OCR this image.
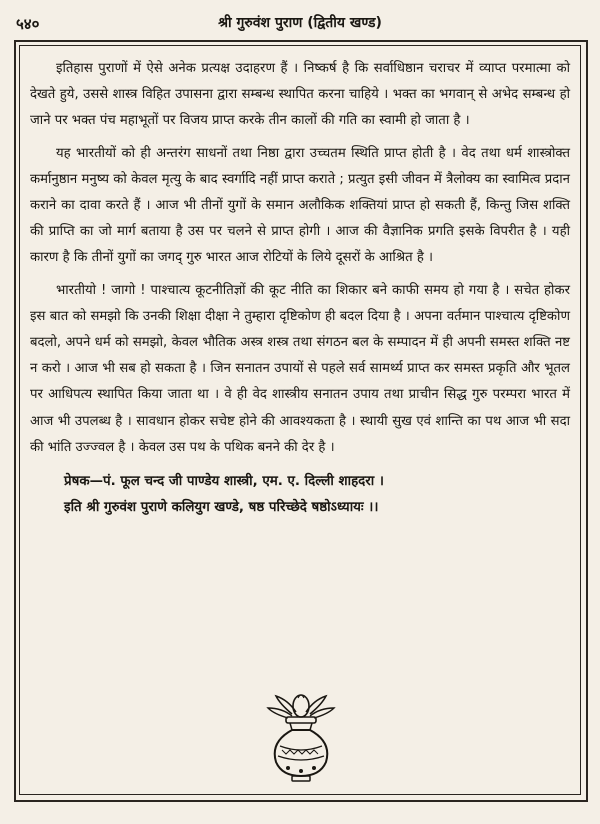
५४०	श्री गुरुवंश पुराण (द्वितीय खण्ड)

इतिहास पुराणों में ऐसे अनेक प्रत्यक्ष उदाहरण हैं । निष्कर्ष है कि सर्वाधिष्ठान चराचर में व्याप्त परमात्मा को देखते हुये, उससे शास्त्र विहित उपासना द्वारा सम्बन्ध स्थापित करना चाहिये । भक्त का भगवान् से अभेद सम्बन्ध हो जाने पर भक्त पंच महाभूतों पर विजय प्राप्त करके तीन कालों की गति का स्वामी हो जाता है ।

यह भारतीयों को ही अन्तरंग साधनों तथा निष्ठा द्वारा उच्चतम स्थिति प्राप्त होती है । वेद तथा धर्म शास्त्रोक्त कर्मानुष्ठान मनुष्य को केवल मृत्यु के बाद स्वर्गादि नहीं प्राप्त कराते ; प्रत्युत इसी जीवन में त्रैलोक्य का स्वामित्व प्रदान कराने का दावा करते हैं । आज भी तीनों युगों के समान अलौकिक शक्तियां प्राप्त हो सकती हैं, किन्तु जिस शक्ति की प्राप्ति का जो मार्ग बताया है उस पर चलने से प्राप्त होगी । आज की वैज्ञानिक प्रगति इसके विपरीत है । यही कारण है कि तीनों युगों का जगद् गुरु भारत आज रोटियों के लिये दूसरों के आश्रित है ।

भारतीयो ! जागो ! पाश्चात्य कूटनीतिज्ञों की कूट नीति का शिकार बने काफी समय हो गया है । सचेत होकर इस बात को समझो कि उनकी शिक्षा दीक्षा ने तुम्हारा दृष्टिकोण ही बदल दिया है । अपना वर्तमान पाश्चात्य दृष्टिकोण बदलो, अपने धर्म को समझो, केवल भौतिक अस्त्र शस्त्र तथा संगठन बल के सम्पादन में ही अपनी समस्त शक्ति नष्ट न करो । आज भी सब हो सकता है । जिन सनातन उपायों से पहले सर्व सामर्थ्य प्राप्त कर समस्त प्रकृति और भूतल पर आधिपत्य स्थापित किया जाता था । वे ही वेद शास्त्रीय सनातन उपाय तथा प्राचीन सिद्ध गुरु परम्परा भारत में आज भी उपलब्ध है । सावधान होकर सचेष्ट होने की आवश्यकता है । स्थायी सुख एवं शान्ति का पथ आज भी सदा की भांति उज्ज्वल है । केवल उस पथ के पथिक बनने की देर है ।

प्रेषक—पं. फूल चन्द जी पाण्डेय शास्त्री, एम. ए. दिल्ली शाहदरा ।
इति श्री गुरुवंश पुराणे कलियुग खण्डे, षष्ठ परिच्छेदे षष्ठोऽध्यायः ।।
